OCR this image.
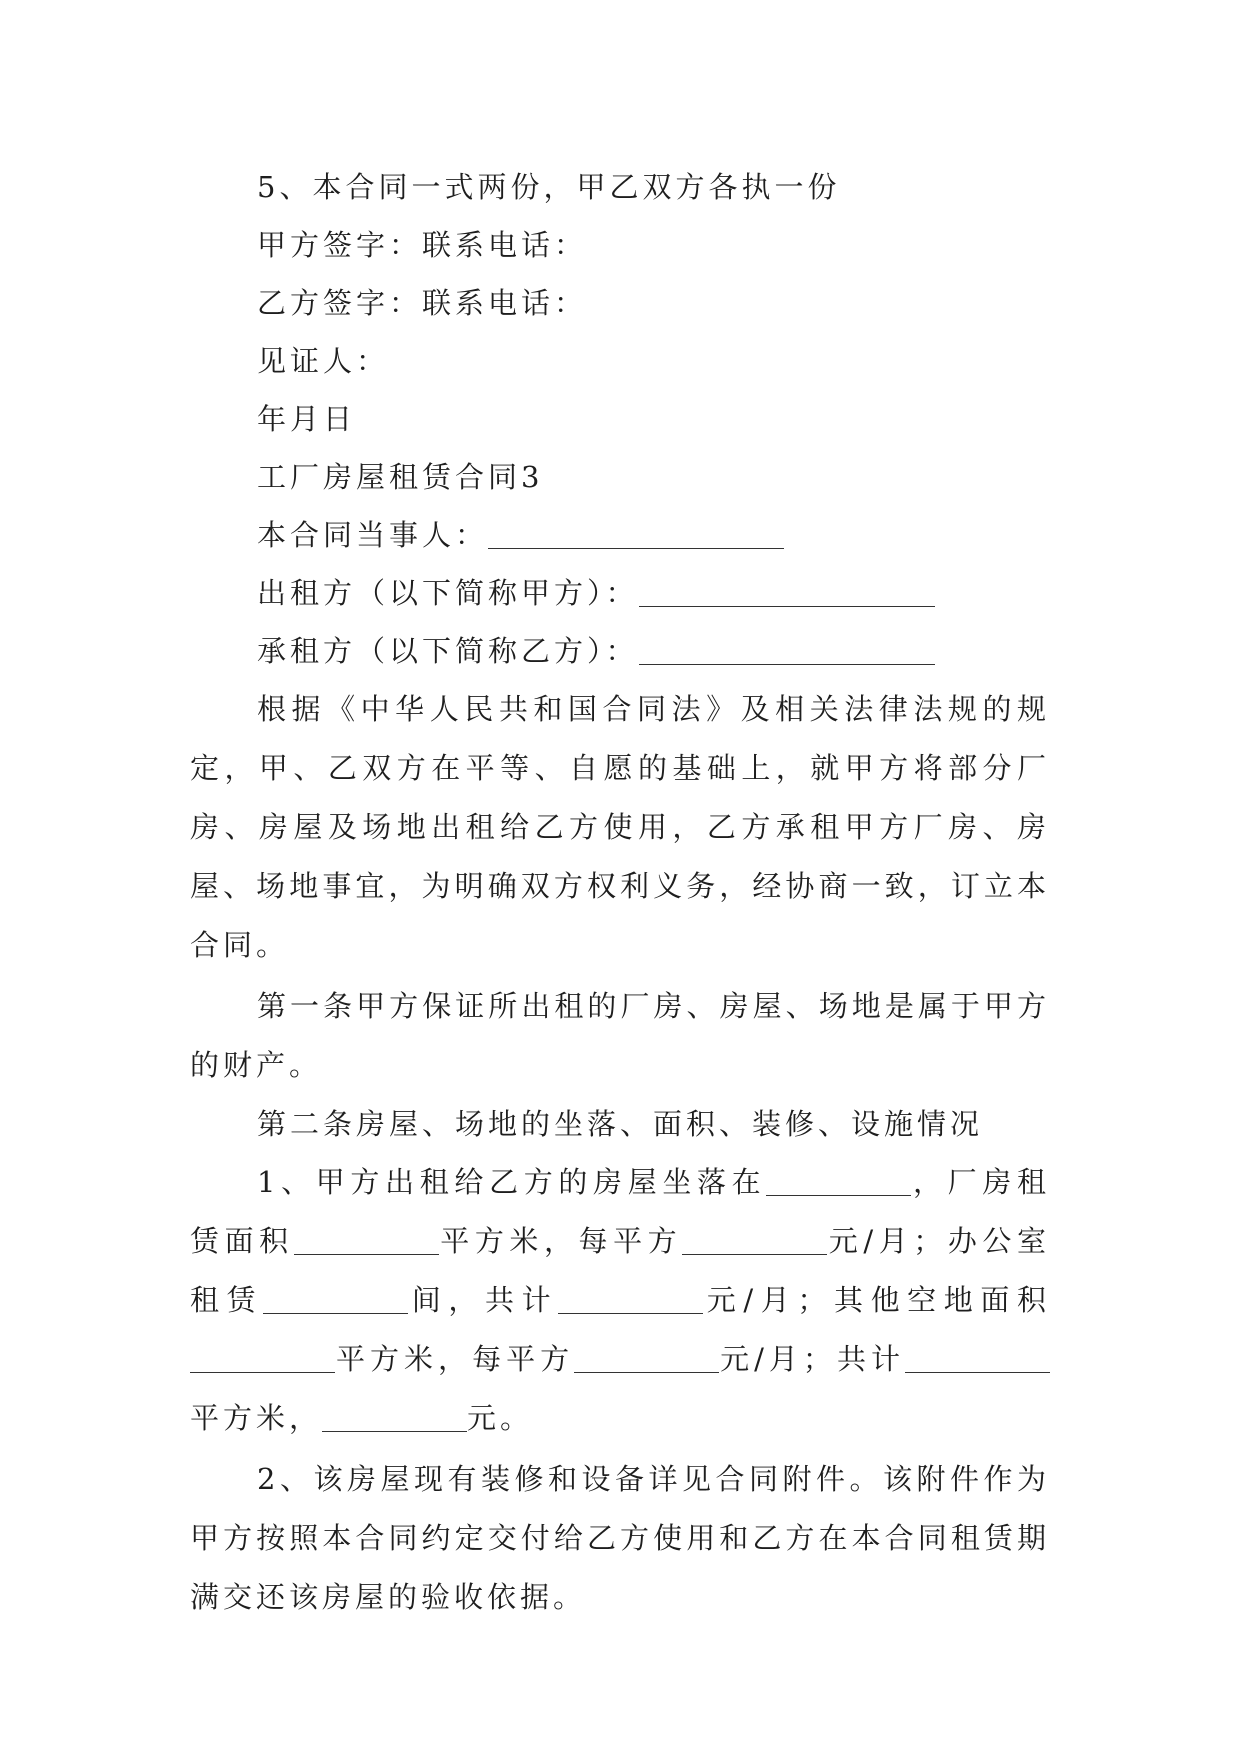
5、本合同一式两份，甲乙双方各执一份
甲方签字：联系电话：
乙方签字：联系电话：
见证人：
年月日
工厂房屋租赁合同3
本合同当事人：
出租方（以下简称甲方）：
承租方（以下简称乙方）：

根据《中华人民共和国合同法》及相关法律法规的规定，甲、乙双方在平等、自愿的基础上，就甲方将部分厂房、房屋及场地出租给乙方使用，乙方承租甲方厂房、房屋、场地事宜，为明确双方权利义务，经协商一致，订立本合同。

第一条甲方保证所出租的厂房、房屋、场地是属于甲方的财产。

第二条房屋、场地的坐落、面积、装修、设施情况

1、甲方出租给乙方的房屋坐落在	，厂房租赁面积	平方米，每平方	元/月；办公室租赁	间，共计	元/月；其他空地面积平方米，每平方	元/月；共计平方米，	元。

2、该房屋现有装修和设备详见合同附件。该附件作为甲方按照本合同约定交付给乙方使用和乙方在本合同租赁期满交还该房屋的验收依据。
